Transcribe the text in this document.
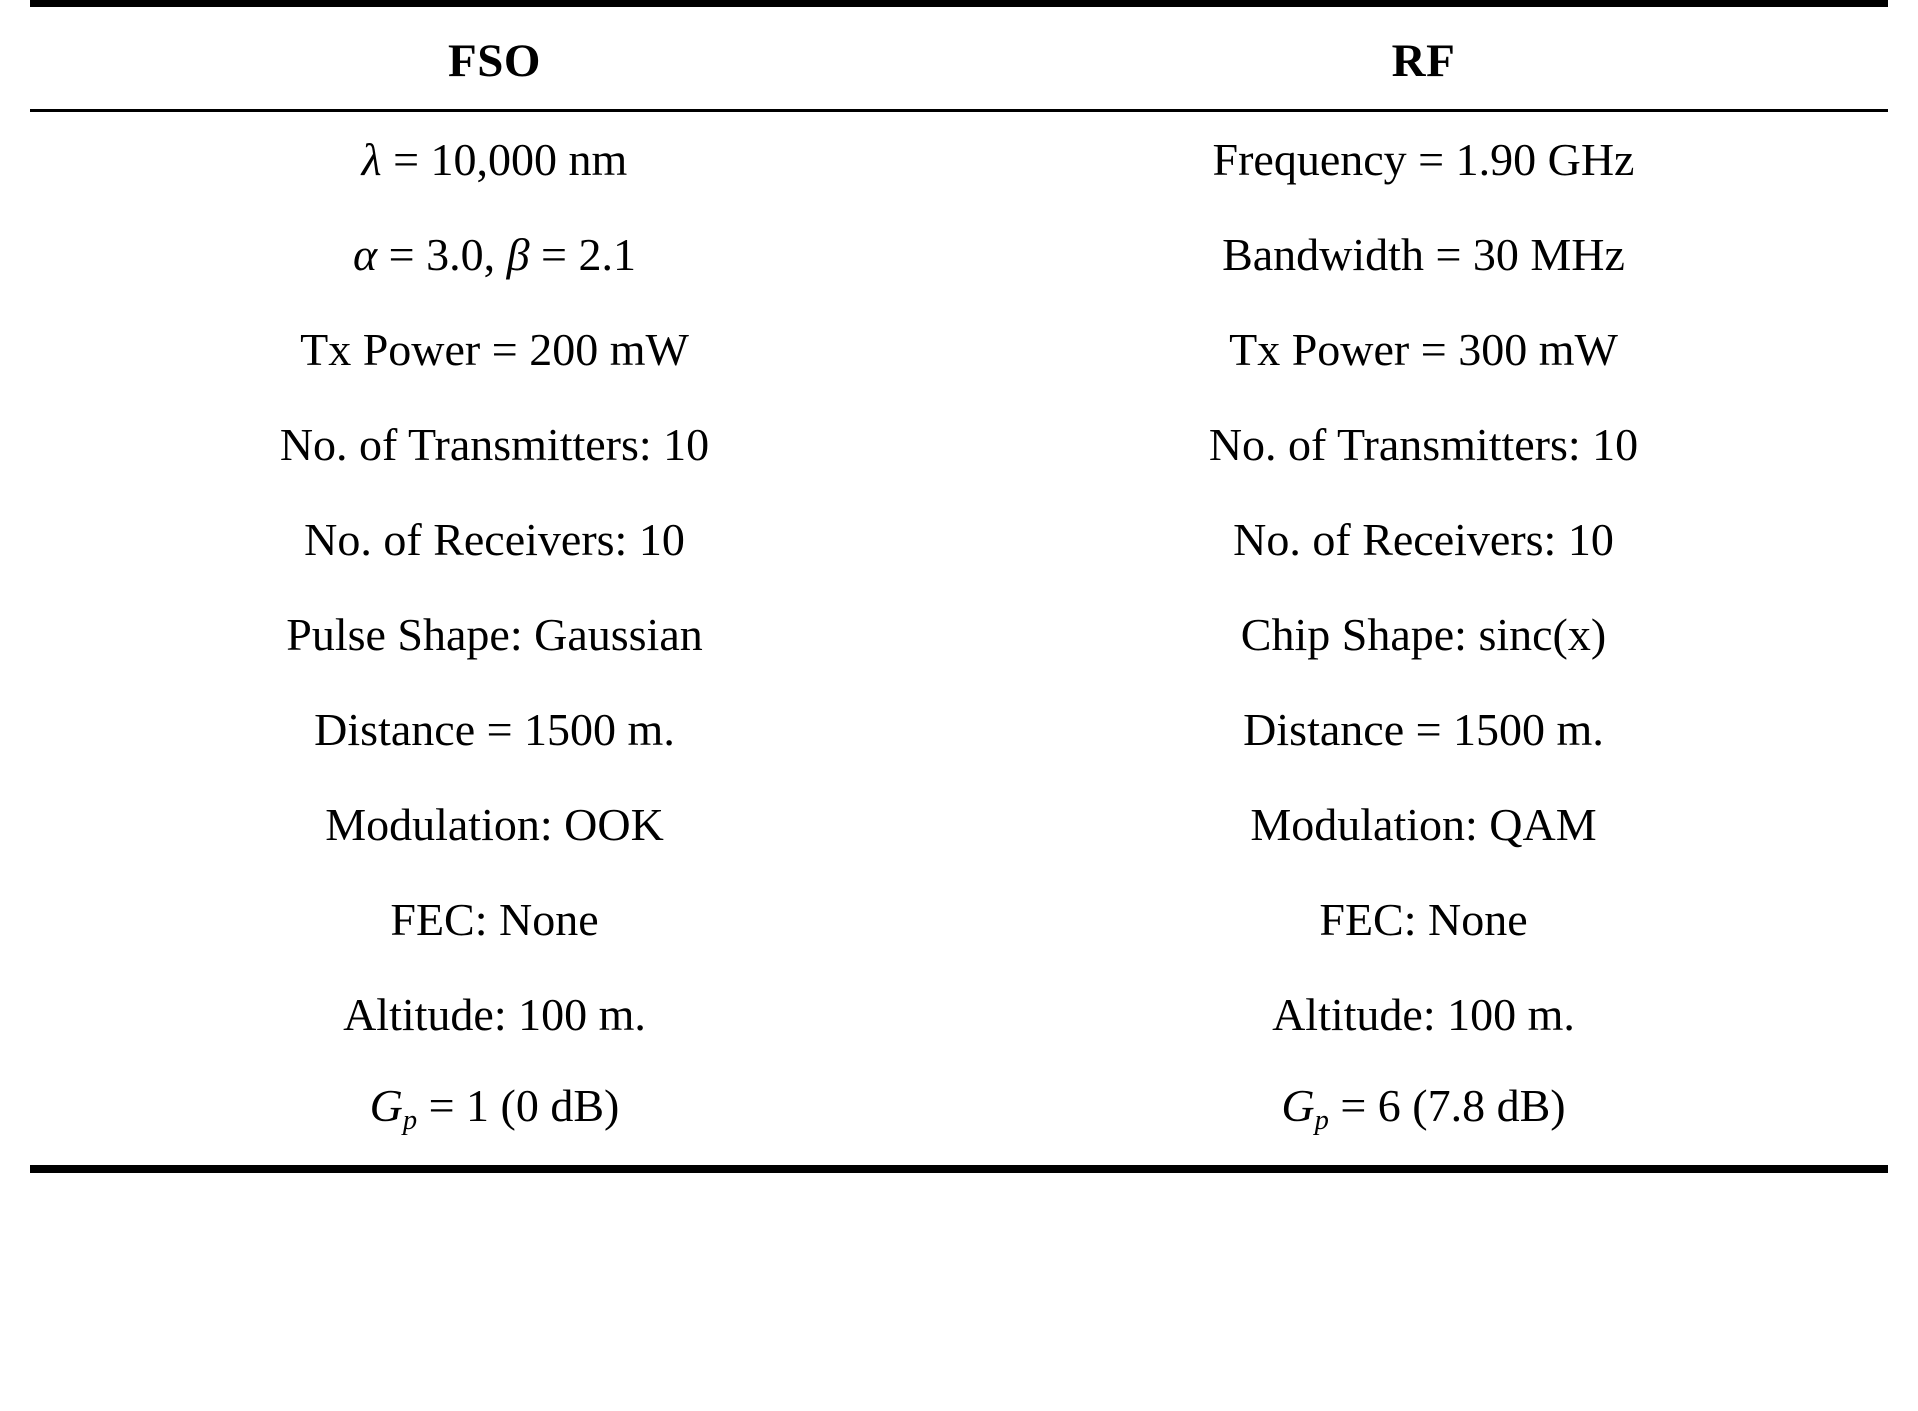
FSO	RF
λ = 10,000 nm	Frequency = 1.90 GHz
α = 3.0, β = 2.1	Bandwidth = 30 MHz
Tx Power = 200 mW	Tx Power = 300 mW
No. of Transmitters: 10	No. of Transmitters: 10
No. of Receivers: 10	No. of Receivers: 10
Pulse Shape: Gaussian	Chip Shape: sinc(x)
Distance = 1500 m.	Distance = 1500 m.
Modulation: OOK	Modulation: QAM
FEC: None	FEC: None
Altitude: 100 m.	Altitude: 100 m.
$G_p = 1$ (0 dB)	$G_p = 6$ (7.8 dB)
